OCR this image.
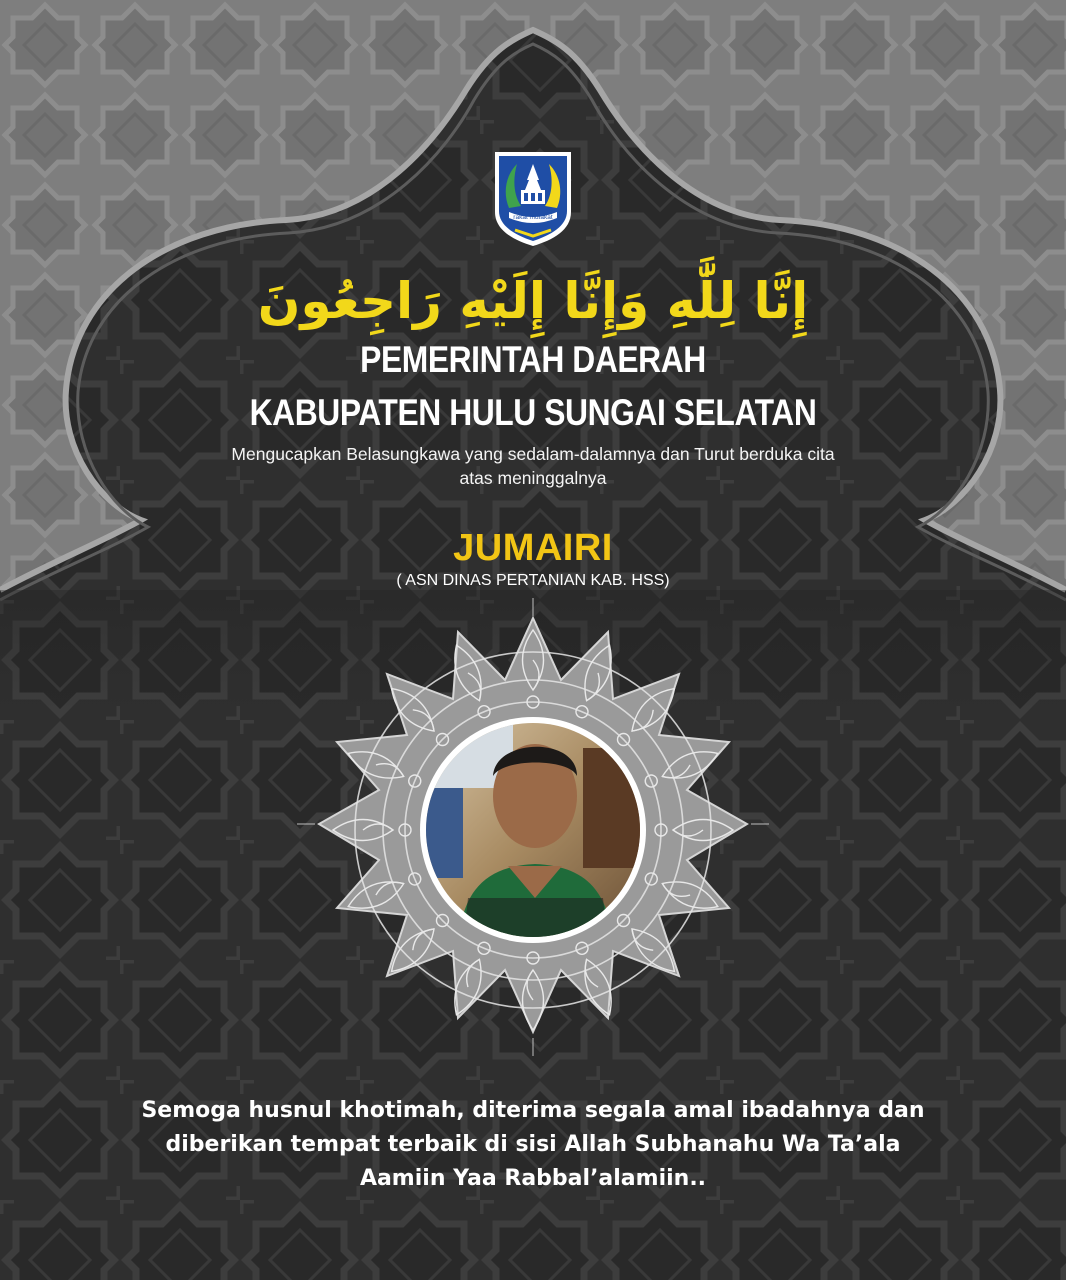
rakat mufakat
إِنَّا لِلَّٰهِ وَإِنَّا إِلَيْهِ رَاجِعُونَ
PEMERINTAH DAERAH
KABUPATEN HULU SUNGAI SELATAN
Mengucapkan Belasungkawa yang sedalam-dalamnya dan Turut berduka cita
atas meninggalnya
JUMAIRI
( ASN DINAS PERTANIAN KAB. HSS)
Semoga husnul khotimah, diterima segala amal ibadahnya dan
diberikan tempat terbaik di sisi Allah Subhanahu Wa Ta’ala
Aamiin Yaa Rabbal’alamiin..
